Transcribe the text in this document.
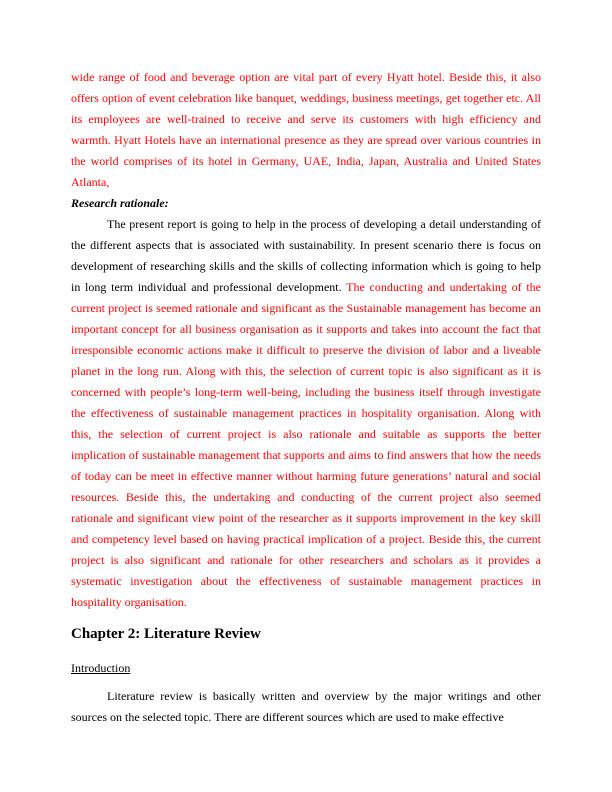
wide range of food and beverage option are vital part of every Hyatt hotel. Beside this, it also offers option of event celebration like banquet, weddings, business meetings, get together etc. All its employees are well-trained to receive and serve its customers with high efficiency and warmth. Hyatt Hotels have an international presence as they are spread over various countries in the world comprises of its hotel in Germany, UAE, India, Japan, Australia and United States Atlanta,

Research rationale:

The present report is going to help in the process of developing a detail understanding of the different aspects that is associated with sustainability. In present scenario there is focus on development of researching skills and the skills of collecting information which is going to help in long term individual and professional development. The conducting and undertaking of the current project is seemed rationale and significant as the Sustainable management has become an important concept for all business organisation as it supports and takes into account the fact that irresponsible economic actions make it difficult to preserve the division of labor and a liveable planet in the long run. Along with this, the selection of current topic is also significant as it is concerned with people’s long-term well-being, including the business itself through investigate the effectiveness of sustainable management practices in hospitality organisation. Along with this, the selection of current project is also rationale and suitable as supports the better implication of sustainable management that supports and aims to find answers that how the needs of today can be meet in effective manner without harming future generations’ natural and social resources. Beside this, the undertaking and conducting of the current project also seemed rationale and significant view point of the researcher as it supports improvement in the key skill and competency level based on having practical implication of a project. Beside this, the current project is also significant and rationale for other researchers and scholars as it provides a systematic investigation about the effectiveness of sustainable management practices in hospitality organisation.

Chapter 2: Literature Review

Introduction

Literature review is basically written and overview by the major writings and other sources on the selected topic. There are different sources which are used to make effective
